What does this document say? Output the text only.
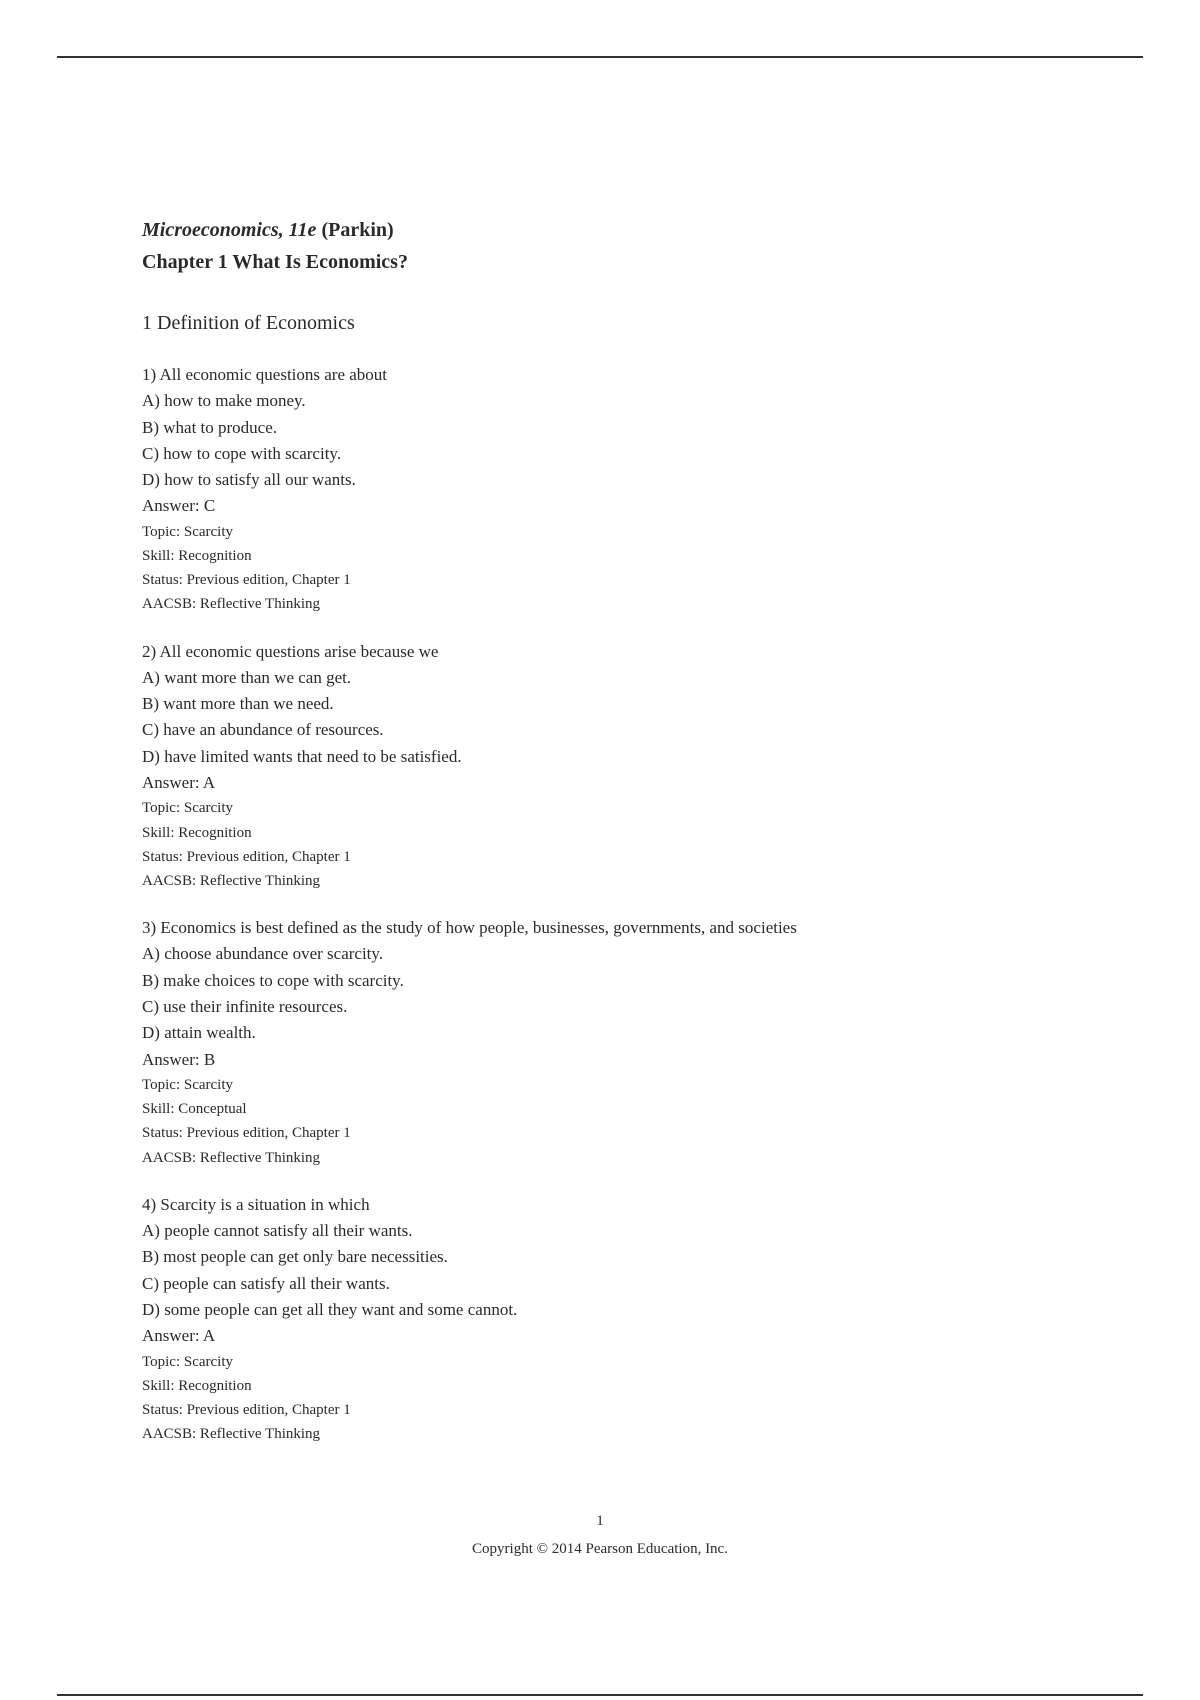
Microeconomics, 11e (Parkin)
Chapter 1 What Is Economics?
1 Definition of Economics
1) All economic questions are about
A) how to make money.
B) what to produce.
C) how to cope with scarcity.
D) how to satisfy all our wants.
Answer: C
Topic: Scarcity
Skill: Recognition
Status: Previous edition, Chapter 1
AACSB: Reflective Thinking
2) All economic questions arise because we
A) want more than we can get.
B) want more than we need.
C) have an abundance of resources.
D) have limited wants that need to be satisfied.
Answer: A
Topic: Scarcity
Skill: Recognition
Status: Previous edition, Chapter 1
AACSB: Reflective Thinking
3) Economics is best defined as the study of how people, businesses, governments, and societies
A) choose abundance over scarcity.
B) make choices to cope with scarcity.
C) use their infinite resources.
D) attain wealth.
Answer: B
Topic: Scarcity
Skill: Conceptual
Status: Previous edition, Chapter 1
AACSB: Reflective Thinking
4) Scarcity is a situation in which
A) people cannot satisfy all their wants.
B) most people can get only bare necessities.
C) people can satisfy all their wants.
D) some people can get all they want and some cannot.
Answer: A
Topic: Scarcity
Skill: Recognition
Status: Previous edition, Chapter 1
AACSB: Reflective Thinking
1
Copyright © 2014 Pearson Education, Inc.
